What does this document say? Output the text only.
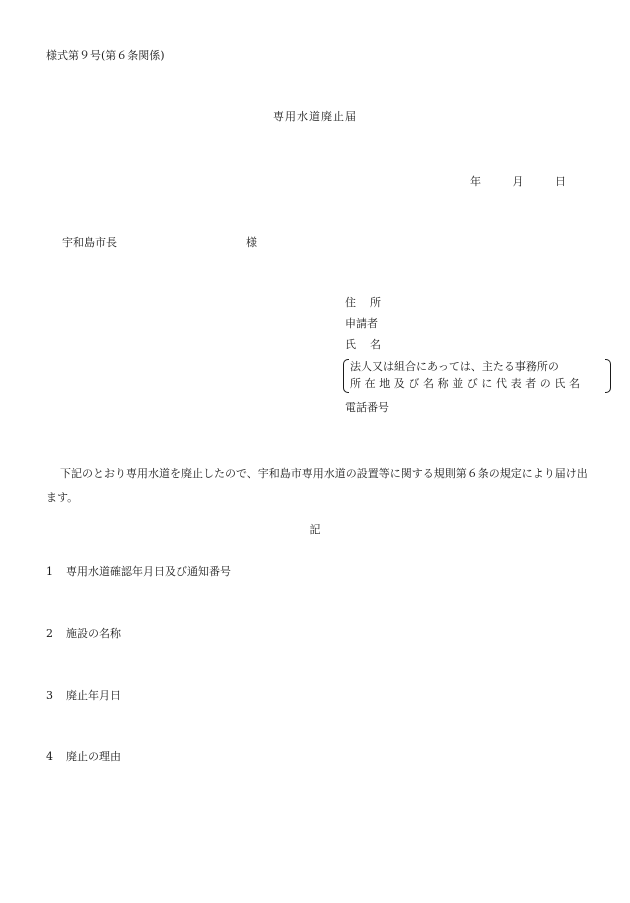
様式第９号(第６条関係)
専用水道廃止届
年	月	日
宇和島市長	様
住 所
申請者
氏 名
法人又は組合にあっては、主たる事務所の
所在地及び名称並びに代表者の氏名
電話番号
下記のとおり専用水道を廃止したので、宇和島市専用水道の設置等に関する規則第６条の規定により届け出ます。
記
1 専用水道確認年月日及び通知番号
2 施設の名称
3 廃止年月日
4 廃止の理由
